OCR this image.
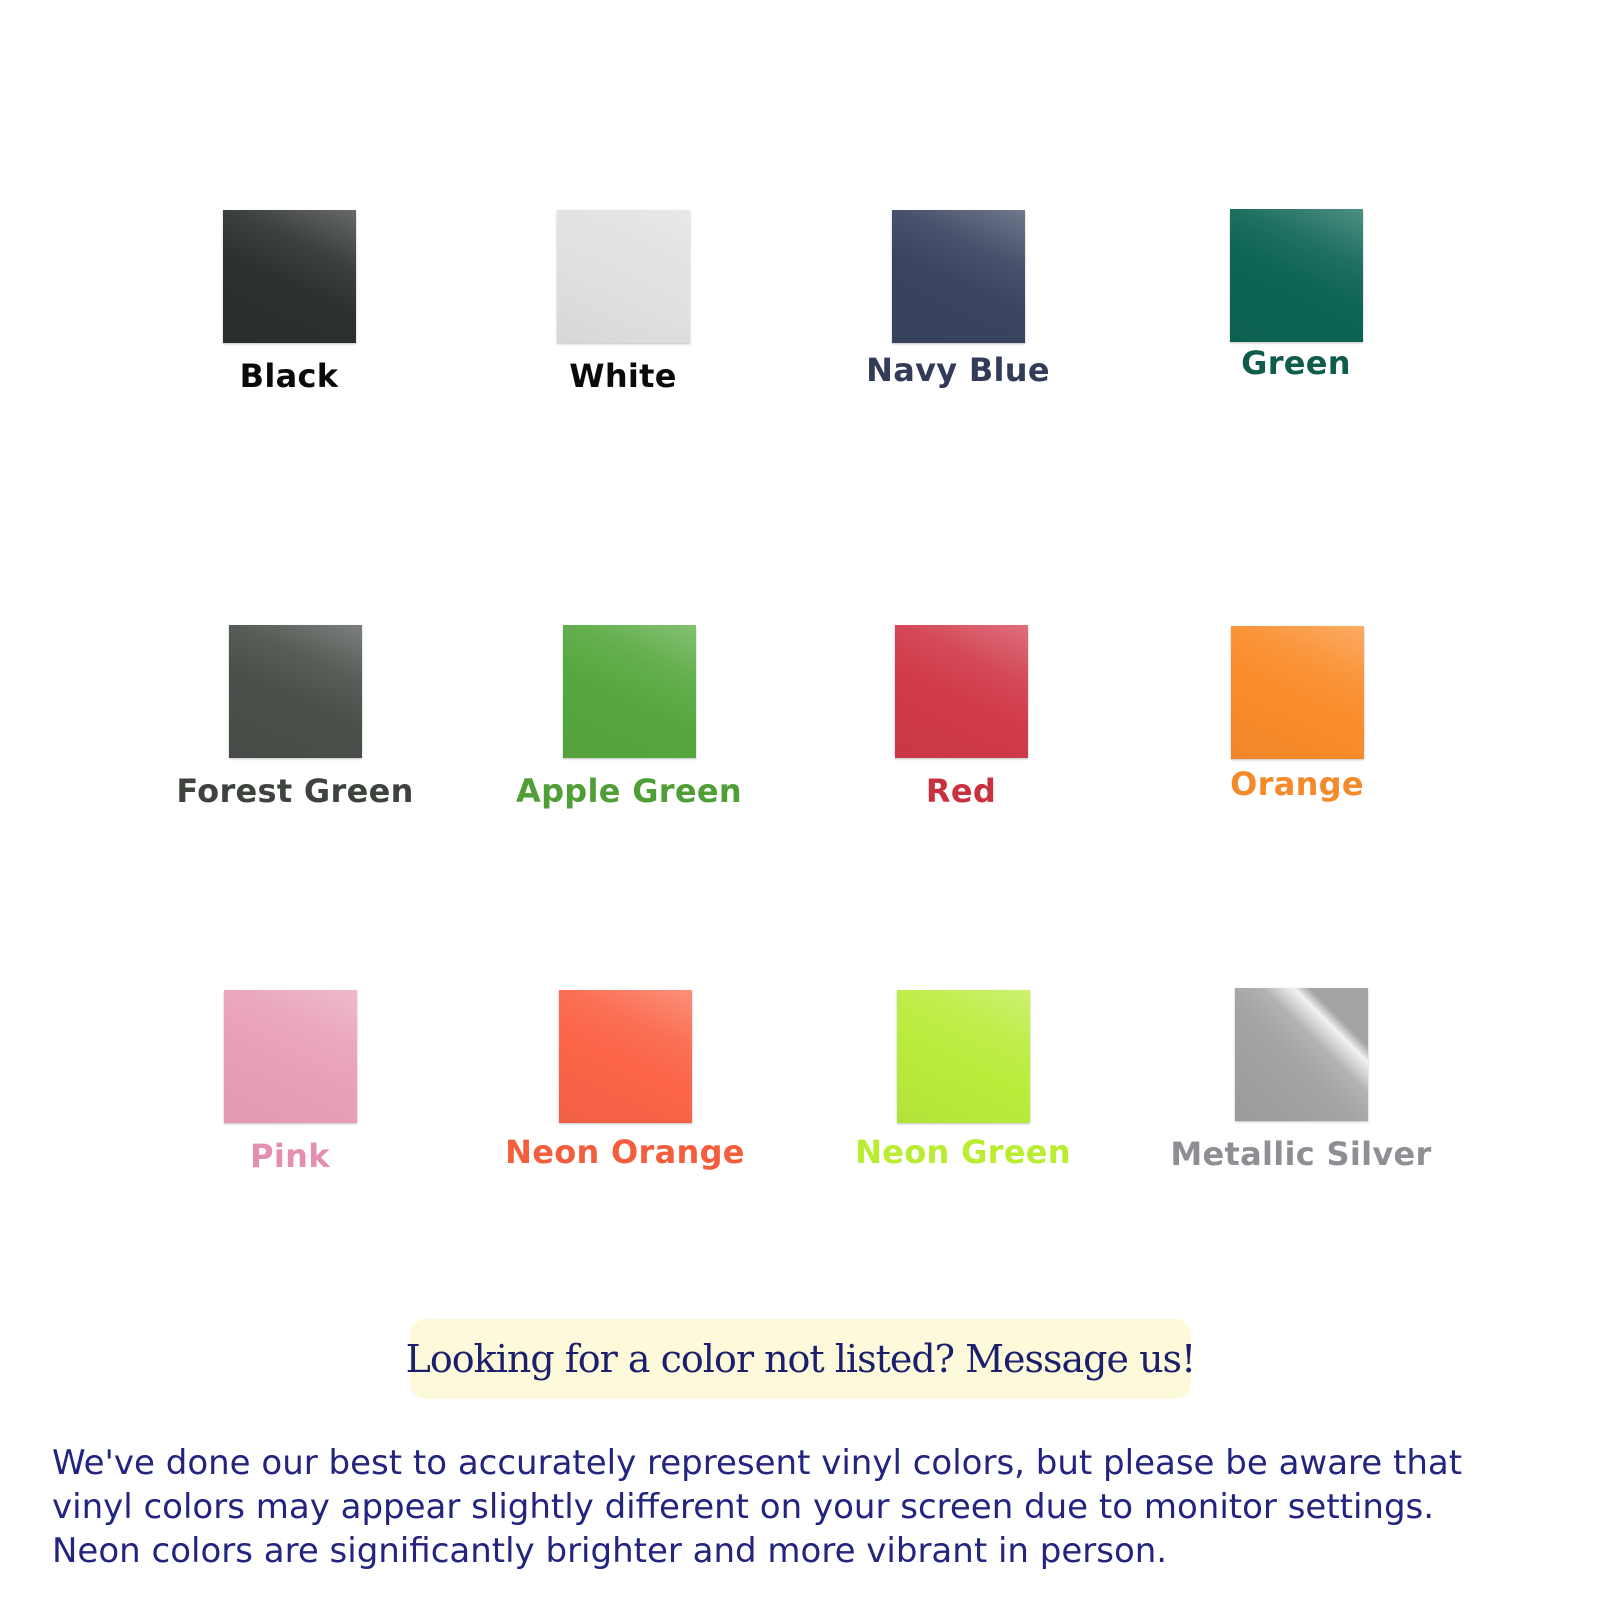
Black	White	Navy Blue	Green
Forest Green	Apple Green	Red	Orange
Pink	Neon Orange	Neon Green	Metallic Silver
Looking for a color not listed? Message us!

We've done our best to accurately represent vinyl colors, but please be aware that
vinyl colors may appear slightly different on your screen due to monitor settings.
Neon colors are significantly brighter and more vibrant in person.
